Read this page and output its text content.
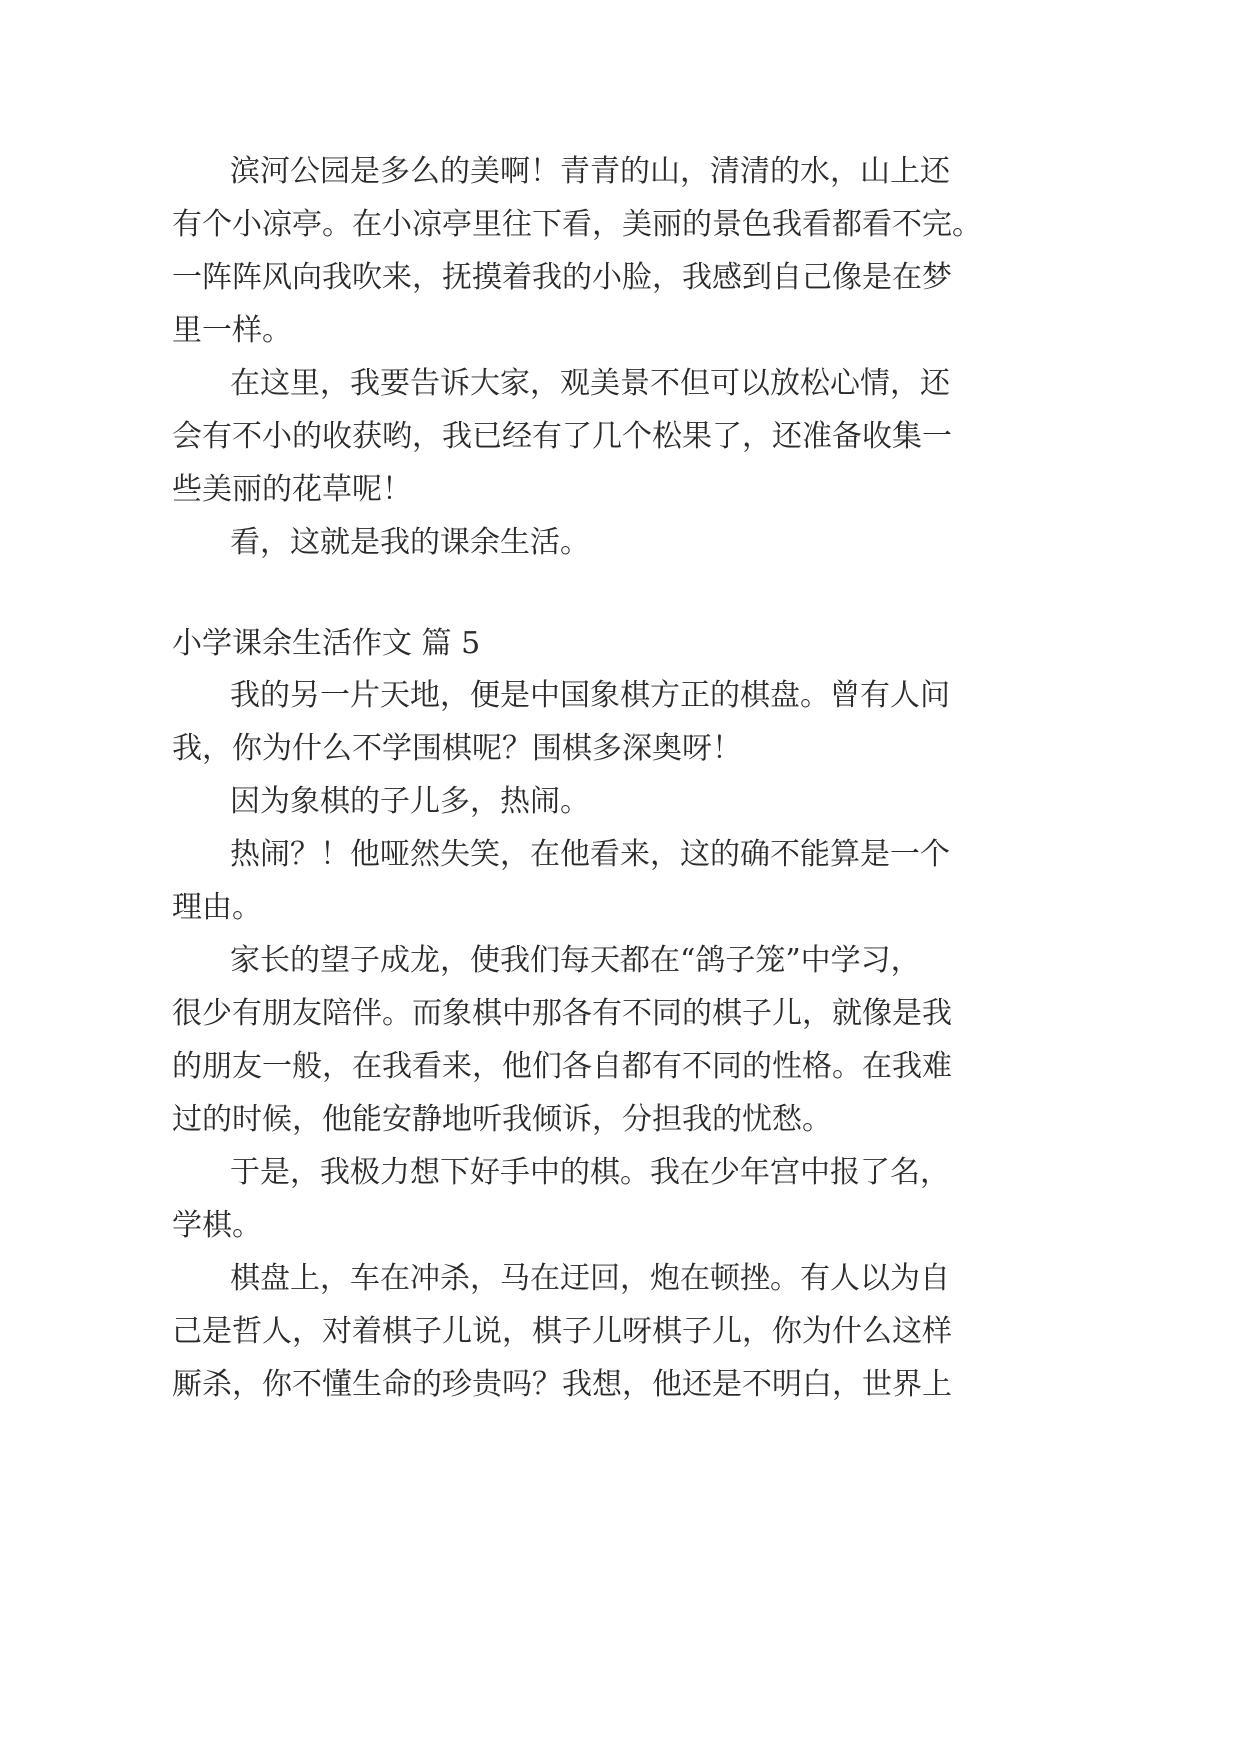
滨河公园是多么的美啊！青青的山，清清的水，山上还
有个小凉亭。在小凉亭里往下看，美丽的景色我看都看不完。
一阵阵风向我吹来，抚摸着我的小脸，我感到自己像是在梦
里一样。
在这里，我要告诉大家，观美景不但可以放松心情，还
会有不小的收获哟，我已经有了几个松果了，还准备收集一
些美丽的花草呢！
看，这就是我的课余生活。
小学课余生活作文 篇 5
我的另一片天地，便是中国象棋方正的棋盘。曾有人问
我，你为什么不学围棋呢？围棋多深奥呀！
因为象棋的子儿多，热闹。
热闹？！他哑然失笑，在他看来，这的确不能算是一个
理由。
家长的望子成龙，使我们每天都在“鸽子笼”中学习，
很少有朋友陪伴。而象棋中那各有不同的棋子儿，就像是我
的朋友一般，在我看来，他们各自都有不同的性格。在我难
过的时候，他能安静地听我倾诉，分担我的忧愁。
于是，我极力想下好手中的棋。我在少年宫中报了名，
学棋。
棋盘上，车在冲杀，马在迂回，炮在顿挫。有人以为自
己是哲人，对着棋子儿说，棋子儿呀棋子儿，你为什么这样
厮杀，你不懂生命的珍贵吗？我想，他还是不明白，世界上
